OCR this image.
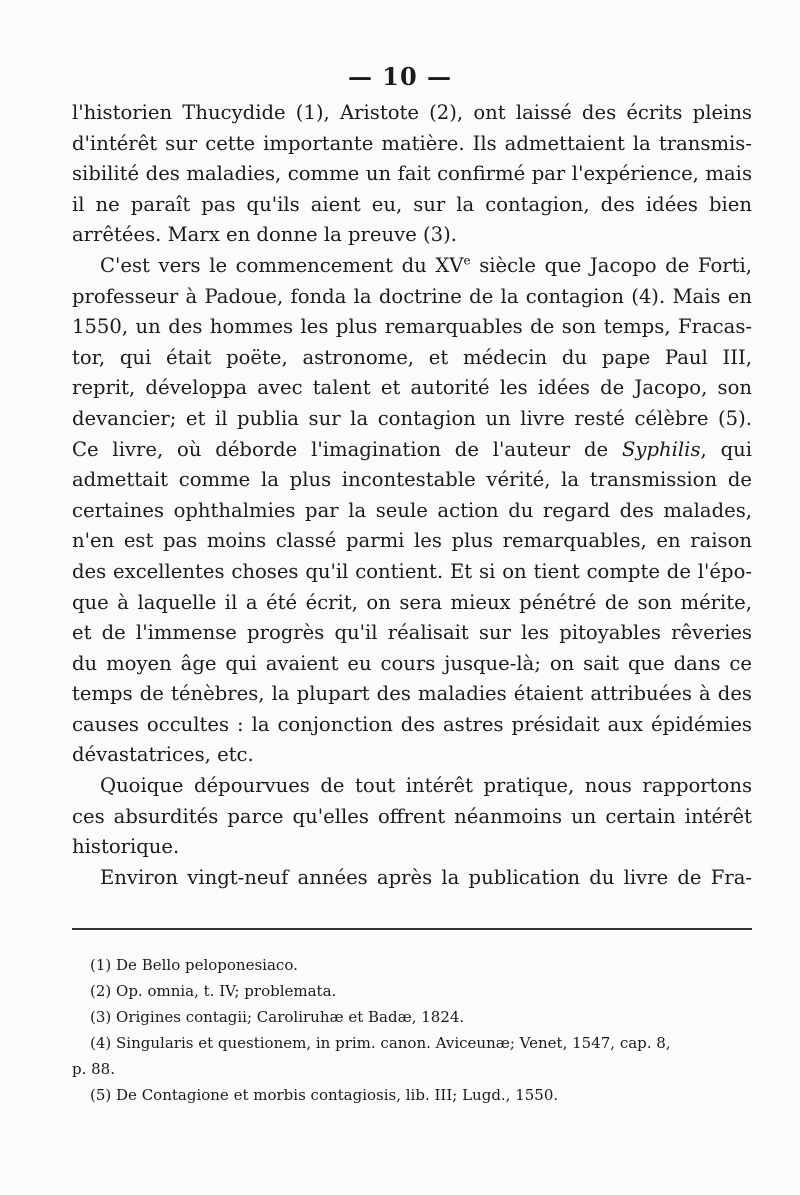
— 10 —
l'historien Thucydide (1), Aristote (2), ont laissé des écrits pleins
d'intérêt sur cette importante matière. Ils admettaient la transmis-
sibilité des maladies, comme un fait confirmé par l'expérience, mais
il ne paraît pas qu'ils aient eu, sur la contagion, des idées bien
arrêtées. Marx en donne la preuve (3).
C'est vers le commencement du XVe siècle que Jacopo de Forti,
professeur à Padoue, fonda la doctrine de la contagion (4). Mais en
1550, un des hommes les plus remarquables de son temps, Fracas-
tor, qui était poëte, astronome, et médecin du pape Paul III,
reprit, développa avec talent et autorité les idées de Jacopo, son
devancier; et il publia sur la contagion un livre resté célèbre (5).
Ce livre, où déborde l'imagination de l'auteur de Syphilis, qui
admettait comme la plus incontestable vérité, la transmission de
certaines ophthalmies par la seule action du regard des malades,
n'en est pas moins classé parmi les plus remarquables, en raison
des excellentes choses qu'il contient. Et si on tient compte de l'épo-
que à laquelle il a été écrit, on sera mieux pénétré de son mérite,
et de l'immense progrès qu'il réalisait sur les pitoyables rêveries
du moyen âge qui avaient eu cours jusque-là; on sait que dans ce
temps de ténèbres, la plupart des maladies étaient attribuées à des
causes occultes : la conjonction des astres présidait aux épidémies
dévastatrices, etc.
Quoique dépourvues de tout intérêt pratique, nous rapportons
ces absurdités parce qu'elles offrent néanmoins un certain intérêt
historique.
Environ vingt-neuf années après la publication du livre de Fra-
(1) De Bello peloponesiaco.
(2) Op. omnia, t. IV; problemata.
(3) Origines contagii; Caroliruhæ et Badæ, 1824.
(4) Singularis et questionem, in prim. canon. Aviceunæ; Venet, 1547, cap. 8,
p. 88.
(5) De Contagione et morbis contagiosis, lib. III; Lugd., 1550.
